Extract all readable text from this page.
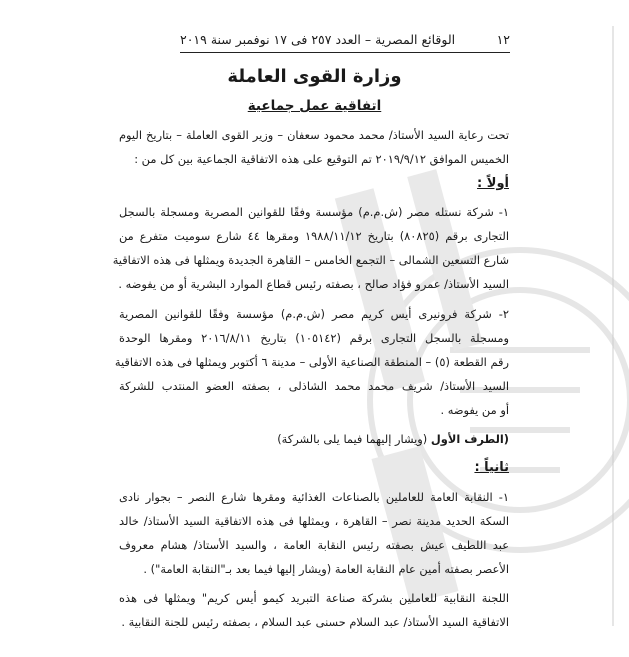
١٢
الوقائع المصرية – العدد ٢٥٧ فى ١٧ نوفمبر سنة ٢٠١٩
وزارة القوى العاملة
اتفاقية عمل جماعية
تحت رعاية السيد الأستاذ/ محمد محمود سعفان – وزير القوى العاملة – بتاريخ اليوم
الخميس الموافق ٢٠١٩/٩/١٢ تم التوقيع على هذه الاتفاقية الجماعية بين كل من :
أولاً :
١- شركة نستله مصر (ش.م.م) مؤسسة وفقًا للقوانين المصرية ومسجلة بالسجل
التجارى برقم (٨٠٨٢٥) بتاريخ ١٩٨٨/١١/١٢ ومقرها ٤٤ شارع سوميت متفرع من
شارع التسعين الشمالى – التجمع الخامس – القاهرة الجديدة ويمثلها فى هذه الاتفاقية
السيد الأستاذ/ عمرو فؤاد صالح ، بصفته رئيس قطاع الموارد البشرية أو من يفوضه .
٢- شركة فرونيرى أيس كريم مصر (ش.م.م) مؤسسة وفقًا للقوانين المصرية
ومسجلة بالسجل التجارى برقم (١٠٥١٤٢) بتاريخ ٢٠١٦/٨/١١ ومقرها الوحدة
رقم القطعة (٥) – المنطقة الصناعية الأولى – مدينة ٦ أكتوبر ويمثلها فى هذه الاتفاقية
السيد الأستاذ/ شريف محمد محمد الشاذلى ، بصفته العضو المنتدب للشركة
أو من يفوضه .
(الطرف الأول (ويشار إليهما فيما يلى بالشركة)
ثانياً :
١- النقابة العامة للعاملين بالصناعات الغذائية ومقرها شارع النصر – بجوار نادى
السكة الحديد مدينة نصر – القاهرة ، ويمثلها فى هذه الاتفاقية السيد الأستاذ/ خالد
عبد اللطيف عيش بصفته رئيس النقابة العامة ، والسيد الأستاذ/ هشام معروف
الأعصر بصفته أمين عام النقابة العامة (ويشار إليها فيما بعد بـ"النقابة العامة") .
اللجنة النقابية للعاملين بشركة صناعة التبريد كيمو أيس كريم" ويمثلها فى هذه
الاتفاقية السيد الأستاذ/ عبد السلام حسنى عبد السلام ، بصفته رئيس للجنة النقابية .
